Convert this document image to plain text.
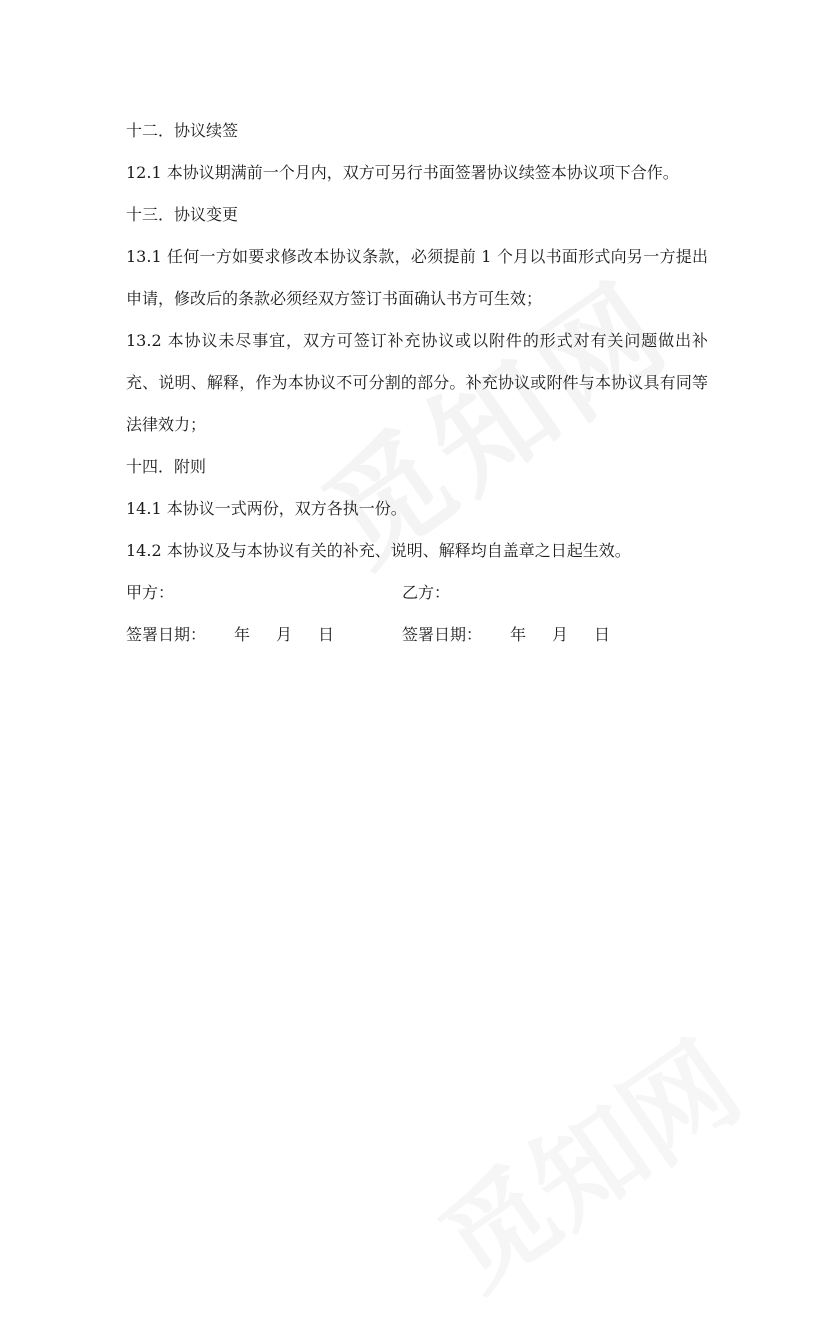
十二．协议续签

12.1 本协议期满前一个月内，双方可另行书面签署协议续签本协议项下合作。

十三．协议变更

13.1 任何一方如要求修改本协议条款，必须提前 1 个月以书面形式向另一方提出申请，修改后的条款必须经双方签订书面确认书方可生效；

13.2 本协议未尽事宜，双方可签订补充协议或以附件的形式对有关问题做出补充、说明、解释，作为本协议不可分割的部分。补充协议或附件与本协议具有同等法律效力；

十四．附则

14.1 本协议一式两份，双方各执一份。

14.2 本协议及与本协议有关的补充、说明、解释均自盖章之日起生效。

甲方：	乙方：
签署日期： 年 月 日	签署日期： 年 月 日
